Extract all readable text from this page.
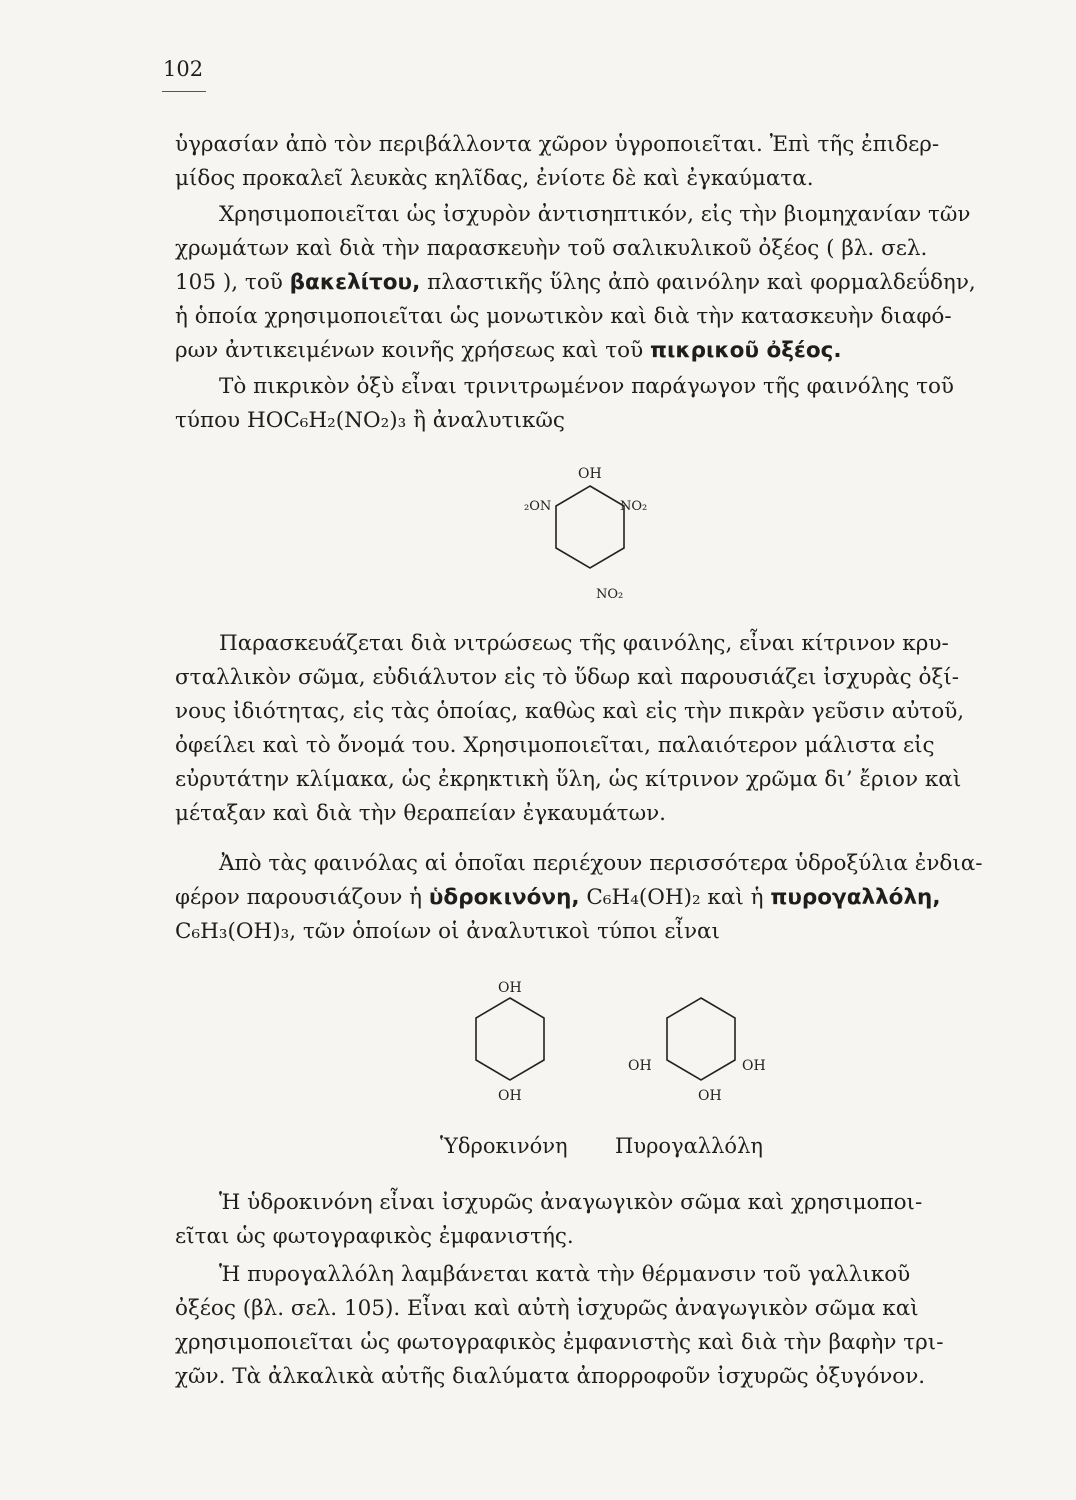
102
ὑγρασίαν ἀπὸ τὸν περιβάλλοντα χῶρον ὑγροποιεῖται. Ἐπὶ τῆς ἐπιδερ-
μίδος προκαλεῖ λευκὰς κηλῖδας, ἐνίοτε δὲ καὶ ἐγκαύματα.
Χρησιμοποιεῖται ὡς ἰσχυρὸν ἀντισηπτικόν, εἰς τὴν βιομηχανίαν τῶν
χρωμάτων καὶ διὰ τὴν παρασκευὴν τοῦ σαλικυλικοῦ ὀξέος ( βλ. σελ.
105 ), τοῦ βακελίτου, πλαστικῆς ὕλης ἀπὸ φαινόλην καὶ φορμαλδεΰδην,
ἡ ὁποία χρησιμοποιεῖται ὡς μονωτικὸν καὶ διὰ τὴν κατασκευὴν διαφό-
ρων ἀντικειμένων κοινῆς χρήσεως καὶ τοῦ πικρικοῦ ὀξέος.
Τὸ πικρικὸν ὀξὺ εἶναι τρινιτρωμένον παράγωγον τῆς φαινόλης τοῦ
τύπου HOC₆H₂(NO₂)₃ ἢ ἀναλυτικῶς
OH
₂ON	NO₂
NO₂
Παρασκευάζεται διὰ νιτρώσεως τῆς φαινόλης, εἶναι κίτρινον κρυ-
σταλλικὸν σῶμα, εὐδιάλυτον εἰς τὸ ὕδωρ καὶ παρουσιάζει ἰσχυρὰς ὀξί-
νους ἰδιότητας, εἰς τὰς ὁποίας, καθὼς καὶ εἰς τὴν πικρὰν γεῦσιν αὐτοῦ,
ὀφείλει καὶ τὸ ὄνομά του. Χρησιμοποιεῖται, παλαιότερον μάλιστα εἰς
εὐρυτάτην κλίμακα, ὡς ἐκρηκτικὴ ὕλη, ὡς κίτρινον χρῶμα δι’ ἔριον καὶ
μέταξαν καὶ διὰ τὴν θεραπείαν ἐγκαυμάτων.
Ἀπὸ τὰς φαινόλας αἱ ὁποῖαι περιέχουν περισσότερα ὑδροξύλια ἐνδια-
φέρον παρουσιάζουν ἡ ὑδροκινόνη, C₆H₄(OH)₂ καὶ ἡ πυρογαλλόλη,
C₆H₃(OH)₃, τῶν ὁποίων οἱ ἀναλυτικοὶ τύποι εἶναι
OH
OH
OH	OH
OH
Ὑδροκινόνη Πυρογαλλόλη
Ἡ ὑδροκινόνη εἶναι ἰσχυρῶς ἀναγωγικὸν σῶμα καὶ χρησιμοποι-
εῖται ὡς φωτογραφικὸς ἐμφανιστής.
Ἡ πυρογαλλόλη λαμβάνεται κατὰ τὴν θέρμανσιν τοῦ γαλλικοῦ
ὀξέος (βλ. σελ. 105). Εἶναι καὶ αὐτὴ ἰσχυρῶς ἀναγωγικὸν σῶμα καὶ
χρησιμοποιεῖται ὡς φωτογραφικὸς ἐμφανιστὴς καὶ διὰ τὴν βαφὴν τρι-
χῶν. Τὰ ἀλκαλικὰ αὐτῆς διαλύματα ἀπορροφοῦν ἰσχυρῶς ὀξυγόνον.
